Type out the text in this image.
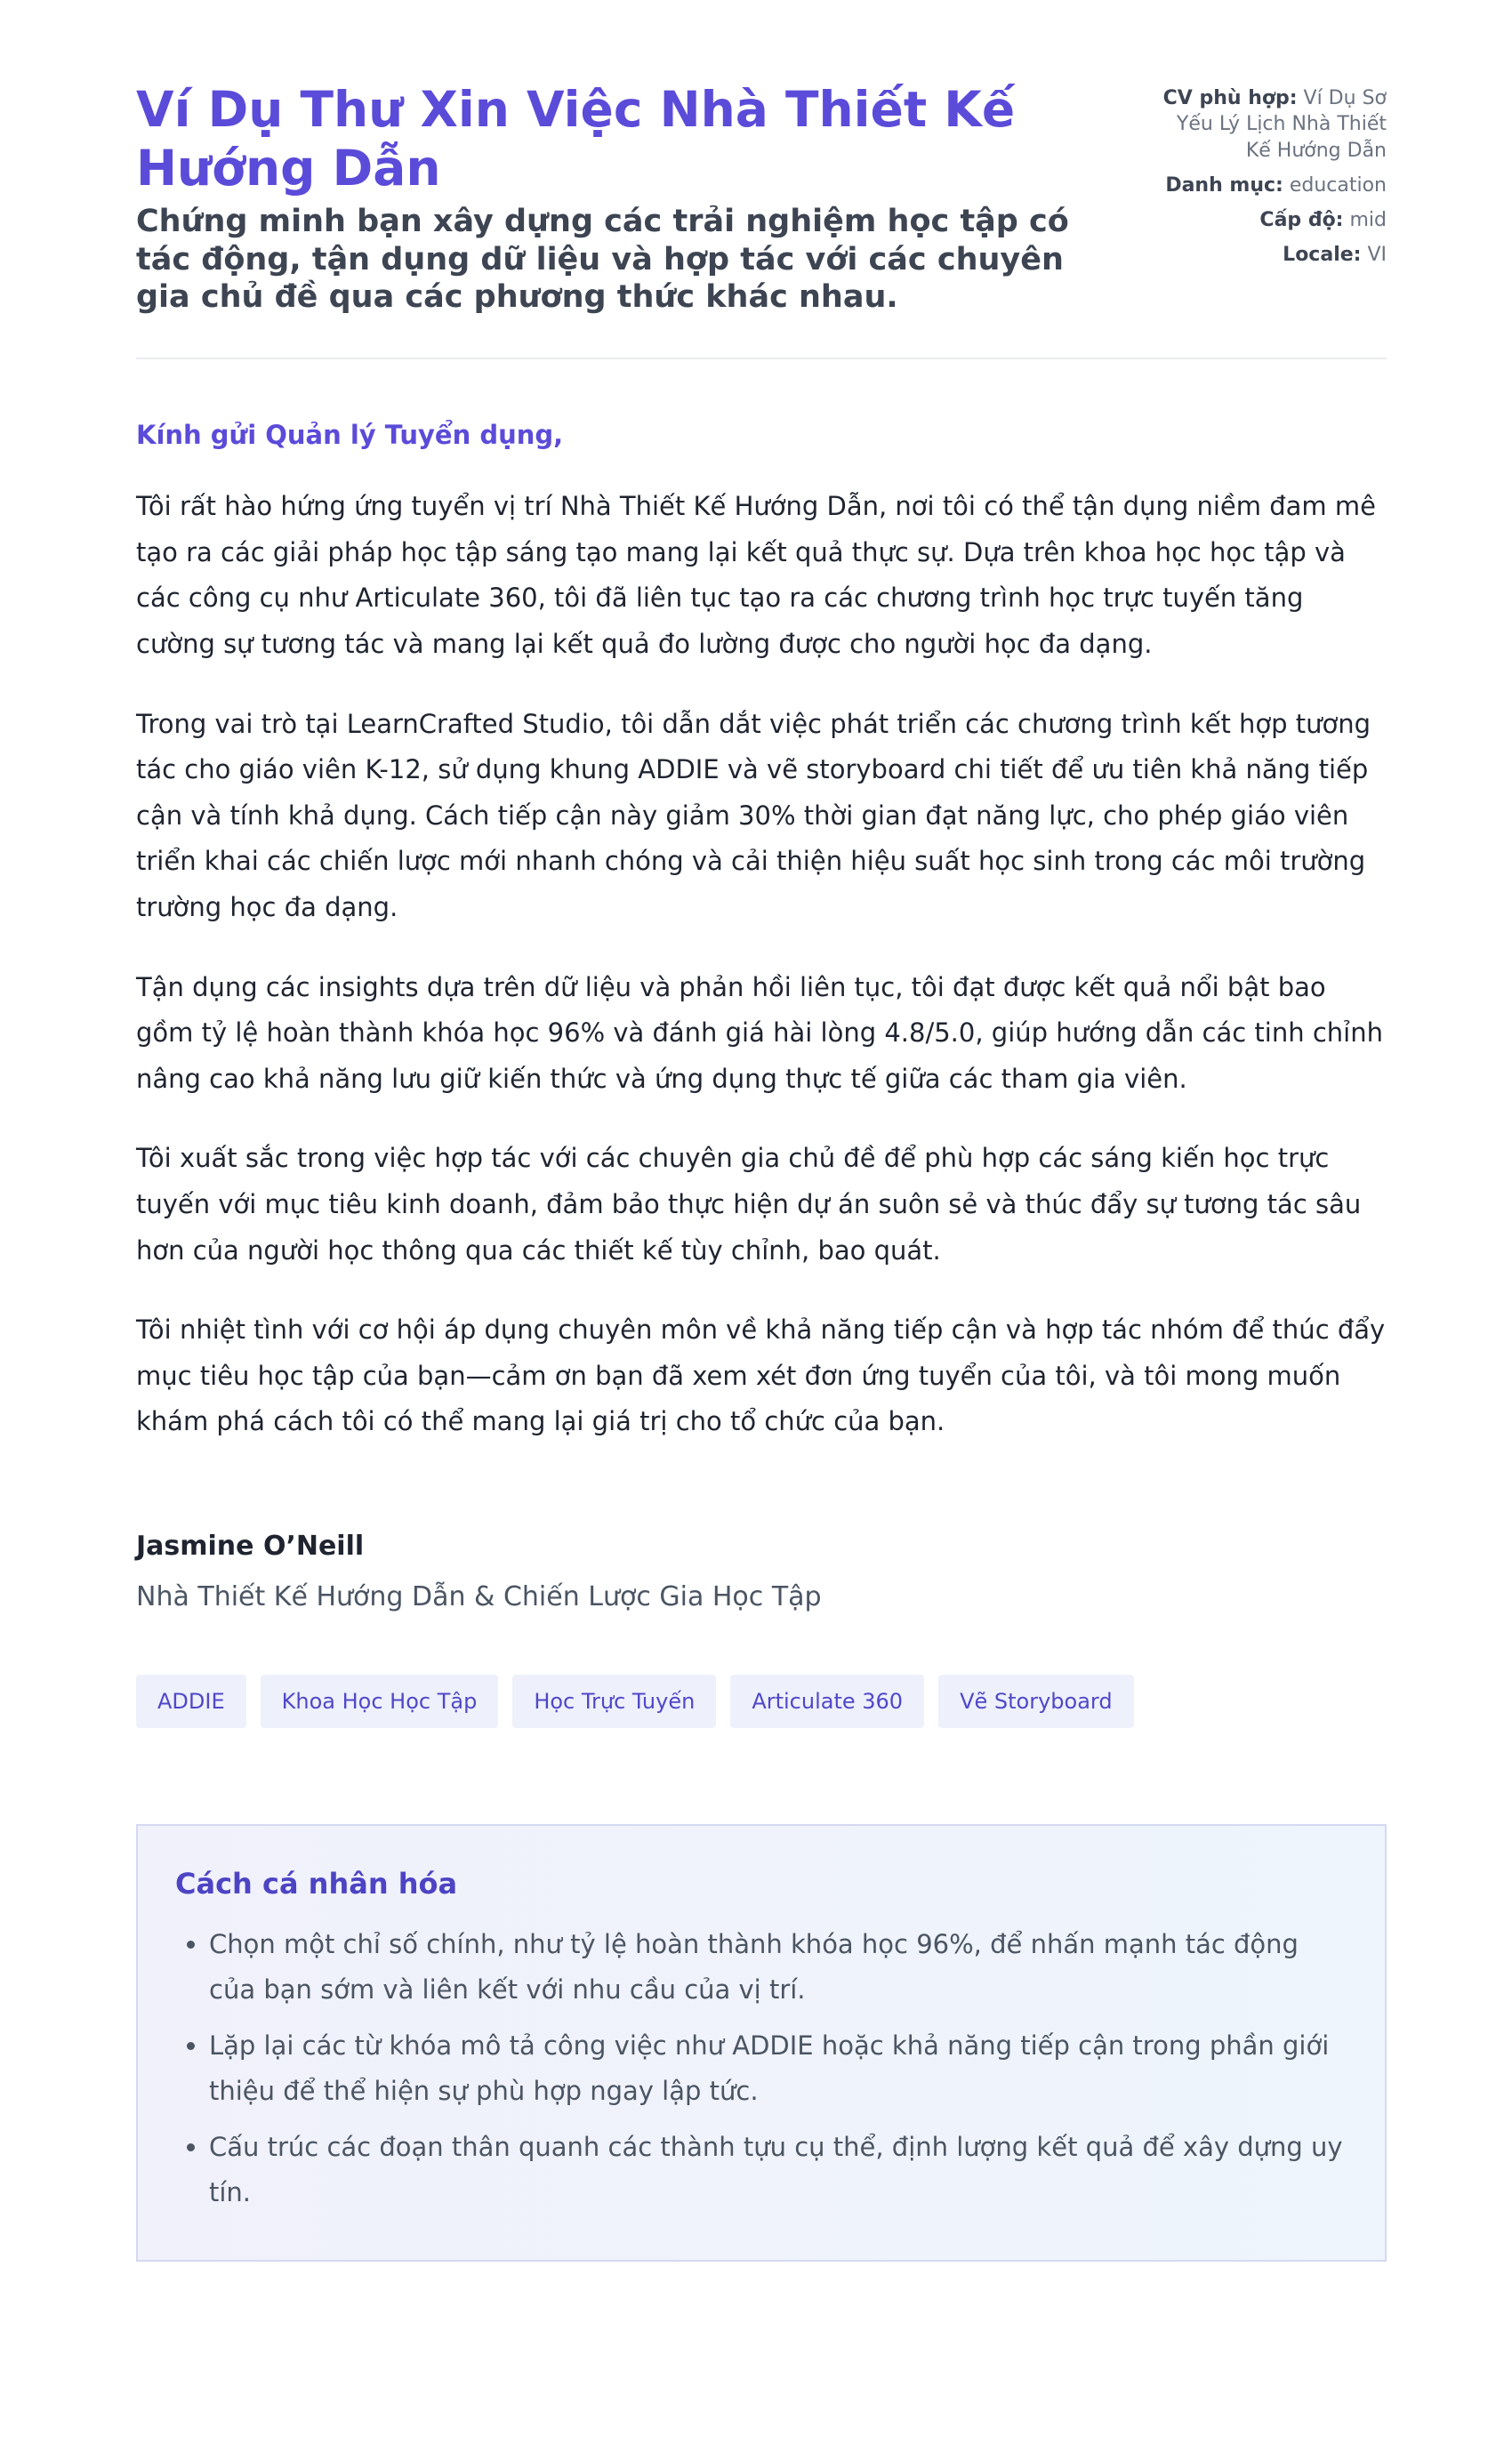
Ví Dụ Thư Xin Việc Nhà Thiết Kế Hướng Dẫn

Chứng minh bạn xây dựng các trải nghiệm học tập có tác động, tận dụng dữ liệu và hợp tác với các chuyên gia chủ đề qua các phương thức khác nhau.

CV phù hợp: Ví Dụ Sơ Yếu Lý Lịch Nhà Thiết Kế Hướng Dẫn
Danh mục: education
Cấp độ: mid
Locale: VI
Kính gửi Quản lý Tuyển dụng,

Tôi rất hào hứng ứng tuyển vị trí Nhà Thiết Kế Hướng Dẫn, nơi tôi có thể tận dụng niềm đam mê tạo ra các giải pháp học tập sáng tạo mang lại kết quả thực sự. Dựa trên khoa học học tập và các công cụ như Articulate 360, tôi đã liên tục tạo ra các chương trình học trực tuyến tăng cường sự tương tác và mang lại kết quả đo lường được cho người học đa dạng.

Trong vai trò tại LearnCrafted Studio, tôi dẫn dắt việc phát triển các chương trình kết hợp tương tác cho giáo viên K-12, sử dụng khung ADDIE và vẽ storyboard chi tiết để ưu tiên khả năng tiếp cận và tính khả dụng. Cách tiếp cận này giảm 30% thời gian đạt năng lực, cho phép giáo viên triển khai các chiến lược mới nhanh chóng và cải thiện hiệu suất học sinh trong các môi trường trường học đa dạng.

Tận dụng các insights dựa trên dữ liệu và phản hồi liên tục, tôi đạt được kết quả nổi bật bao gồm tỷ lệ hoàn thành khóa học 96% và đánh giá hài lòng 4.8/5.0, giúp hướng dẫn các tinh chỉnh nâng cao khả năng lưu giữ kiến thức và ứng dụng thực tế giữa các tham gia viên.

Tôi xuất sắc trong việc hợp tác với các chuyên gia chủ đề để phù hợp các sáng kiến học trực tuyến với mục tiêu kinh doanh, đảm bảo thực hiện dự án suôn sẻ và thúc đẩy sự tương tác sâu hơn của người học thông qua các thiết kế tùy chỉnh, bao quát.

Tôi nhiệt tình với cơ hội áp dụng chuyên môn về khả năng tiếp cận và hợp tác nhóm để thúc đẩy mục tiêu học tập của bạn—cảm ơn bạn đã xem xét đơn ứng tuyển của tôi, và tôi mong muốn khám phá cách tôi có thể mang lại giá trị cho tổ chức của bạn.

Jasmine O’Neill
Nhà Thiết Kế Hướng Dẫn & Chiến Lược Gia Học Tập
ADDIE	Khoa Học Học Tập	Học Trực Tuyến	Articulate 360	Vẽ Storyboard
Cách cá nhân hóa
• Chọn một chỉ số chính, như tỷ lệ hoàn thành khóa học 96%, để nhấn mạnh tác động của bạn sớm và liên kết với nhu cầu của vị trí.
• Lặp lại các từ khóa mô tả công việc như ADDIE hoặc khả năng tiếp cận trong phần giới thiệu để thể hiện sự phù hợp ngay lập tức.
• Cấu trúc các đoạn thân quanh các thành tựu cụ thể, định lượng kết quả để xây dựng uy tín.
